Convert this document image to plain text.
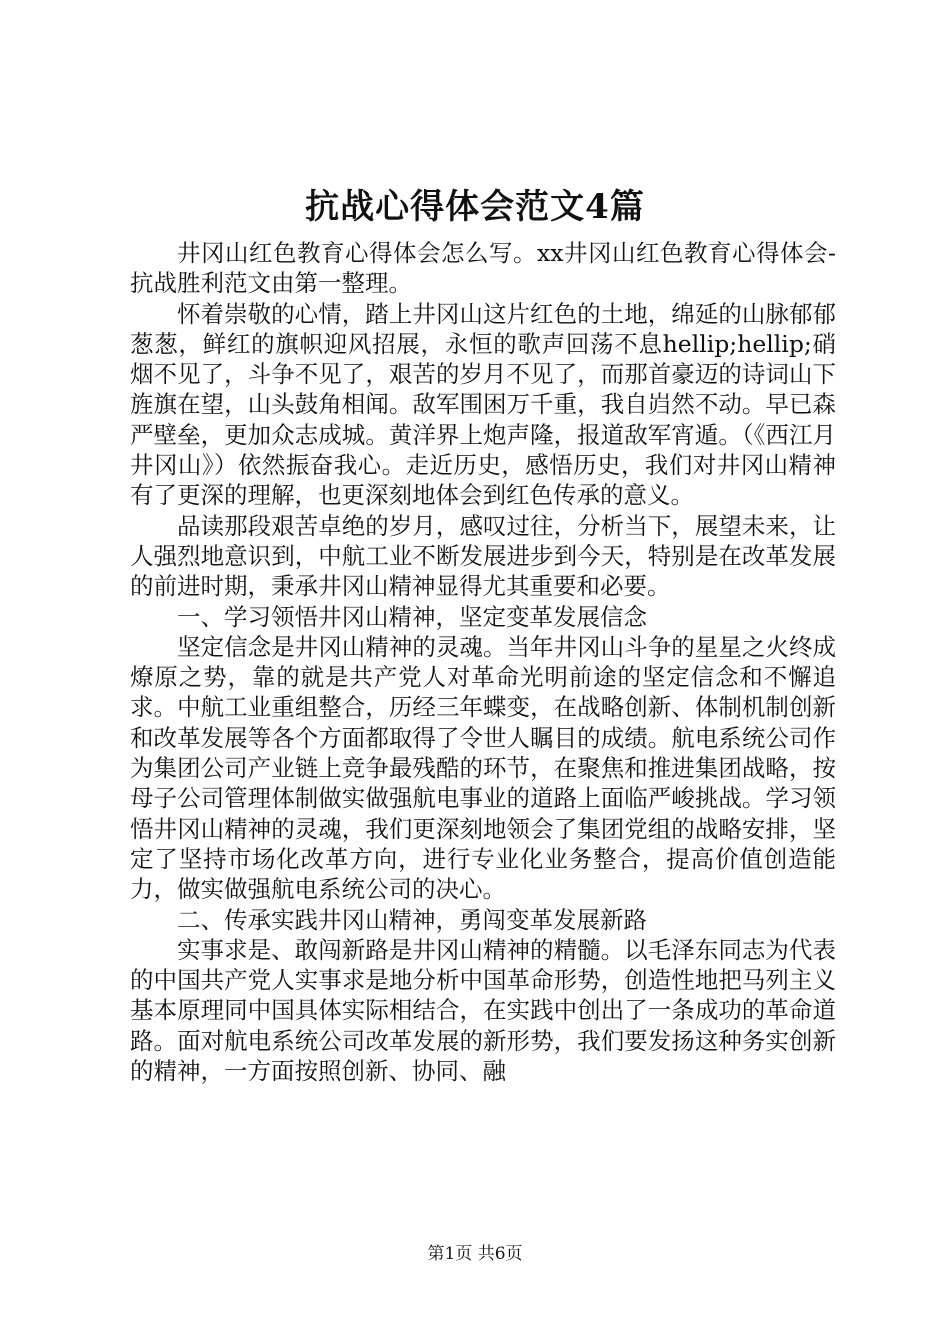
抗战心得体会范文4篇

井冈山红色教育心得体会怎么写。xx井冈山红色教育心得体会-抗战胜利范文由第一整理。

怀着崇敬的心情，踏上井冈山这片红色的土地，绵延的山脉郁郁葱葱，鲜红的旗帜迎风招展，永恒的歌声回荡不息hellip;hellip;硝烟不见了，斗争不见了，艰苦的岁月不见了，而那首豪迈的诗词山下旌旗在望，山头鼓角相闻。敌军围困万千重，我自岿然不动。早已森严壁垒，更加众志成城。黄洋界上炮声隆，报道敌军宵遁。（《西江月井冈山》）依然振奋我心。走近历史，感悟历史，我们对井冈山精神有了更深的理解，也更深刻地体会到红色传承的意义。

品读那段艰苦卓绝的岁月，感叹过往，分析当下，展望未来，让人强烈地意识到，中航工业不断发展进步到今天，特别是在改革发展的前进时期，秉承井冈山精神显得尤其重要和必要。

一、学习领悟井冈山精神，坚定变革发展信念

坚定信念是井冈山精神的灵魂。当年井冈山斗争的星星之火终成燎原之势，靠的就是共产党人对革命光明前途的坚定信念和不懈追求。中航工业重组整合，历经三年蝶变，在战略创新、体制机制创新和改革发展等各个方面都取得了令世人瞩目的成绩。航电系统公司作为集团公司产业链上竞争最残酷的环节，在聚焦和推进集团战略，按母子公司管理体制做实做强航电事业的道路上面临严峻挑战。学习领悟井冈山精神的灵魂，我们更深刻地领会了集团党组的战略安排，坚定了坚持市场化改革方向，进行专业化业务整合，提高价值创造能力，做实做强航电系统公司的决心。

二、传承实践井冈山精神，勇闯变革发展新路

实事求是、敢闯新路是井冈山精神的精髓。以毛泽东同志为代表的中国共产党人实事求是地分析中国革命形势，创造性地把马列主义基本原理同中国具体实际相结合，在实践中创出了一条成功的革命道路。面对航电系统公司改革发展的新形势，我们要发扬这种务实创新的精神，一方面按照创新、协同、融

第1页 共6页
